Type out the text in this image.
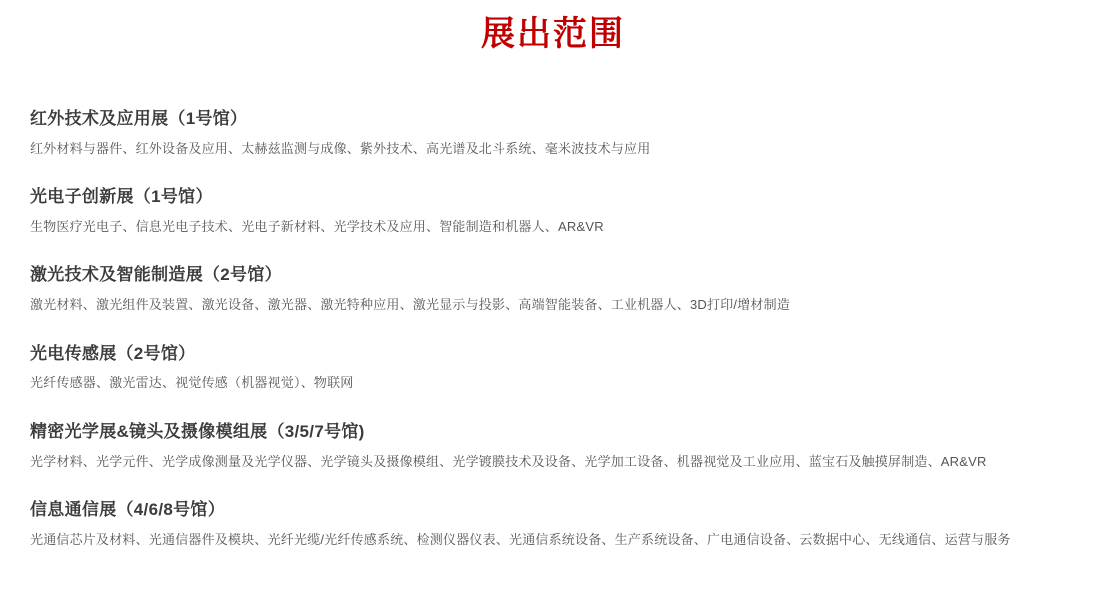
展出范围
红外技术及应用展（1号馆）

红外材料与器件、红外设备及应用、太赫兹监测与成像、紫外技术、高光谱及北斗系统、毫米波技术与应用

光电子创新展（1号馆）

生物医疗光电子、信息光电子技术、光电子新材料、光学技术及应用、智能制造和机器人、AR&VR

激光技术及智能制造展（2号馆）

激光材料、激光组件及装置、激光设备、激光器、激光特种应用、激光显示与投影、高端智能装备、工业机器人、3D打印/增材制造

光电传感展（2号馆）

光纤传感器、激光雷达、视觉传感（机器视觉）、物联网

精密光学展&镜头及摄像模组展（3/5/7号馆)

光学材料、光学元件、光学成像测量及光学仪器、光学镜头及摄像模组、光学镀膜技术及设备、光学加工设备、机器视觉及工业应用、蓝宝石及触摸屏制造、AR&VR

信息通信展（4/6/8号馆）

光通信芯片及材料、光通信器件及模块、光纤光缆/光纤传感系统、检测仪器仪表、光通信系统设备、生产系统设备、广电通信设备、云数据中心、无线通信、运营与服务
